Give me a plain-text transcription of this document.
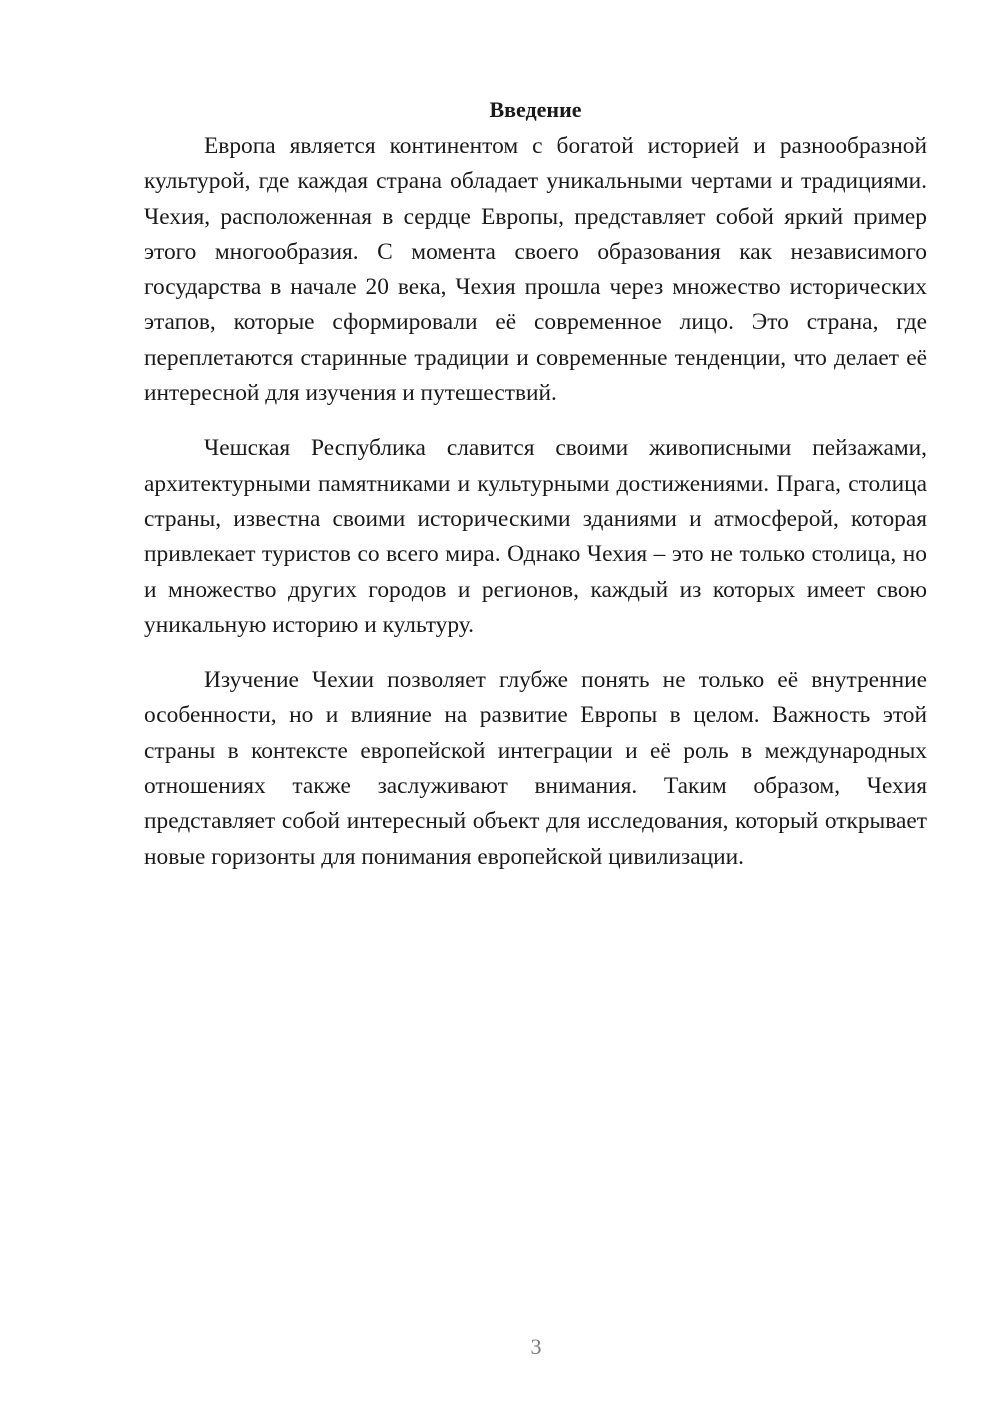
Введение

Европа является континентом с богатой историей и разнообразной культурой, где каждая страна обладает уникальными чертами и традициями. Чехия, расположенная в сердце Европы, представляет собой яркий пример этого многообразия. С момента своего образования как независимого государства в начале 20 века, Чехия прошла через множество исторических этапов, которые сформировали её современное лицо. Это страна, где переплетаются старинные традиции и современные тенденции, что делает её интересной для изучения и путешествий.

Чешская Республика славится своими живописными пейзажами, архитектурными памятниками и культурными достижениями. Прага, столица страны, известна своими историческими зданиями и атмосферой, которая привлекает туристов со всего мира. Однако Чехия – это не только столица, но и множество других городов и регионов, каждый из которых имеет свою уникальную историю и культуру.

Изучение Чехии позволяет глубже понять не только её внутренние особенности, но и влияние на развитие Европы в целом. Важность этой страны в контексте европейской интеграции и её роль в международных отношениях также заслуживают внимания. Таким образом, Чехия представляет собой интересный объект для исследования, который открывает новые горизонты для понимания европейской цивилизации.

3
